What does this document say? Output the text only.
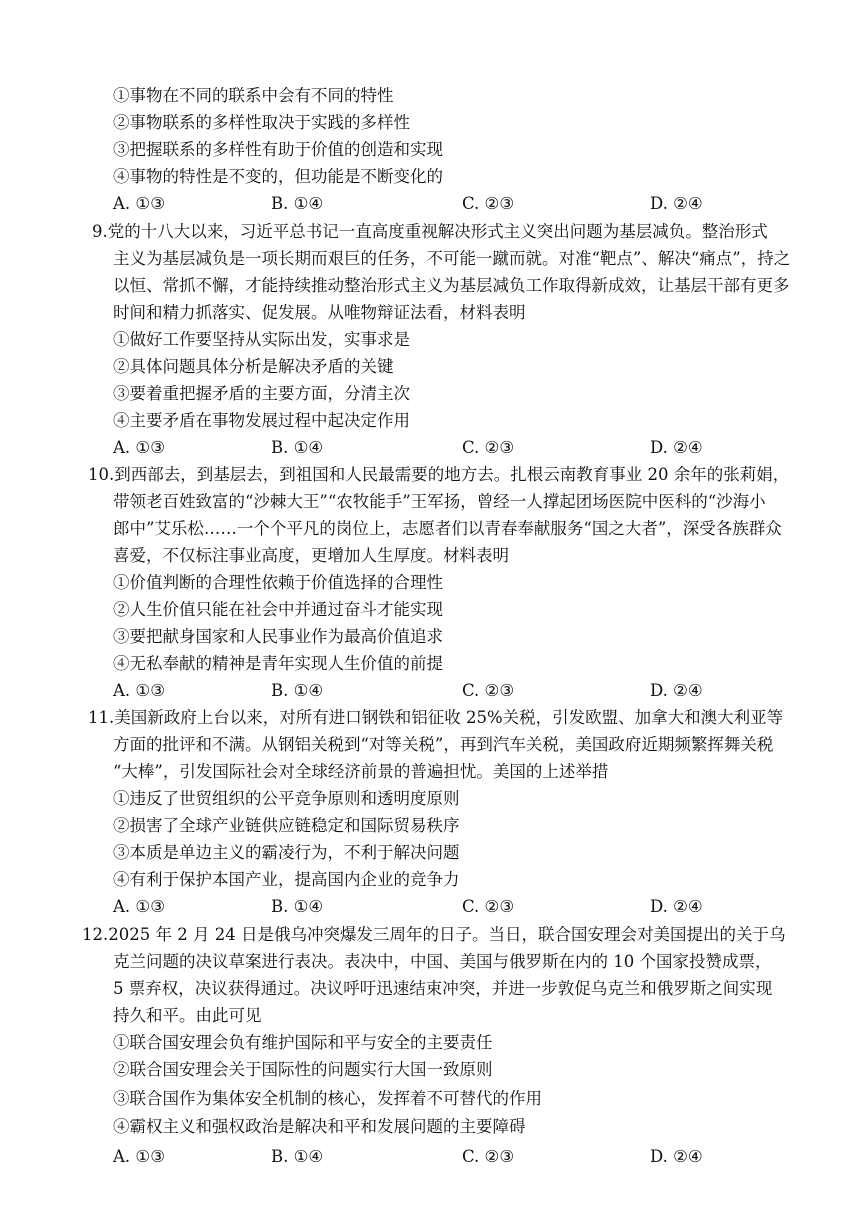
①事物在不同的联系中会有不同的特性
②事物联系的多样性取决于实践的多样性
③把握联系的多样性有助于价值的创造和实现
④事物的特性是不变的，但功能是不断变化的
A. ①③	B. ①④	C. ②③	D. ②④
9.党的十八大以来，习近平总书记一直高度重视解决形式主义突出问题为基层减负。整治形式
主义为基层减负是一项长期而艰巨的任务，不可能一蹴而就。对准“靶点”、解决“痛点”，持之
以恒、常抓不懈，才能持续推动整治形式主义为基层减负工作取得新成效，让基层干部有更多
时间和精力抓落实、促发展。从唯物辩证法看，材料表明
①做好工作要坚持从实际出发，实事求是
②具体问题具体分析是解决矛盾的关键
③要着重把握矛盾的主要方面，分清主次
④主要矛盾在事物发展过程中起决定作用
A. ①③	B. ①④	C. ②③	D. ②④
10.到西部去，到基层去，到祖国和人民最需要的地方去。扎根云南教育事业 20 余年的张莉娟，
带领老百姓致富的“沙棘大王”“农牧能手”王军扬，曾经一人撑起团场医院中医科的“沙海小
郎中”艾乐松……一个个平凡的岗位上，志愿者们以青春奉献服务“国之大者”，深受各族群众
喜爱，不仅标注事业高度，更增加人生厚度。材料表明
①价值判断的合理性依赖于价值选择的合理性
②人生价值只能在社会中并通过奋斗才能实现
③要把献身国家和人民事业作为最高价值追求
④无私奉献的精神是青年实现人生价值的前提
A. ①③	B. ①④	C. ②③	D. ②④
11.美国新政府上台以来，对所有进口钢铁和铝征收 25%关税，引发欧盟、加拿大和澳大利亚等
方面的批评和不满。从钢铝关税到“对等关税”，再到汽车关税，美国政府近期频繁挥舞关税
“大棒”，引发国际社会对全球经济前景的普遍担忧。美国的上述举措
①违反了世贸组织的公平竞争原则和透明度原则
②损害了全球产业链供应链稳定和国际贸易秩序
③本质是单边主义的霸凌行为，不利于解决问题
④有利于保护本国产业，提高国内企业的竞争力
A. ①③	B. ①④	C. ②③	D. ②④
12.2025 年 2 月 24 日是俄乌冲突爆发三周年的日子。当日，联合国安理会对美国提出的关于乌
克兰问题的决议草案进行表决。表决中，中国、美国与俄罗斯在内的 10 个国家投赞成票，
5 票弃权，决议获得通过。决议呼吁迅速结束冲突，并进一步敦促乌克兰和俄罗斯之间实现
持久和平。由此可见
①联合国安理会负有维护国际和平与安全的主要责任
②联合国安理会关于国际性的问题实行大国一致原则
③联合国作为集体安全机制的核心，发挥着不可替代的作用
④霸权主义和强权政治是解决和平和发展问题的主要障碍
A. ①③	B. ①④	C. ②③	D. ②④
